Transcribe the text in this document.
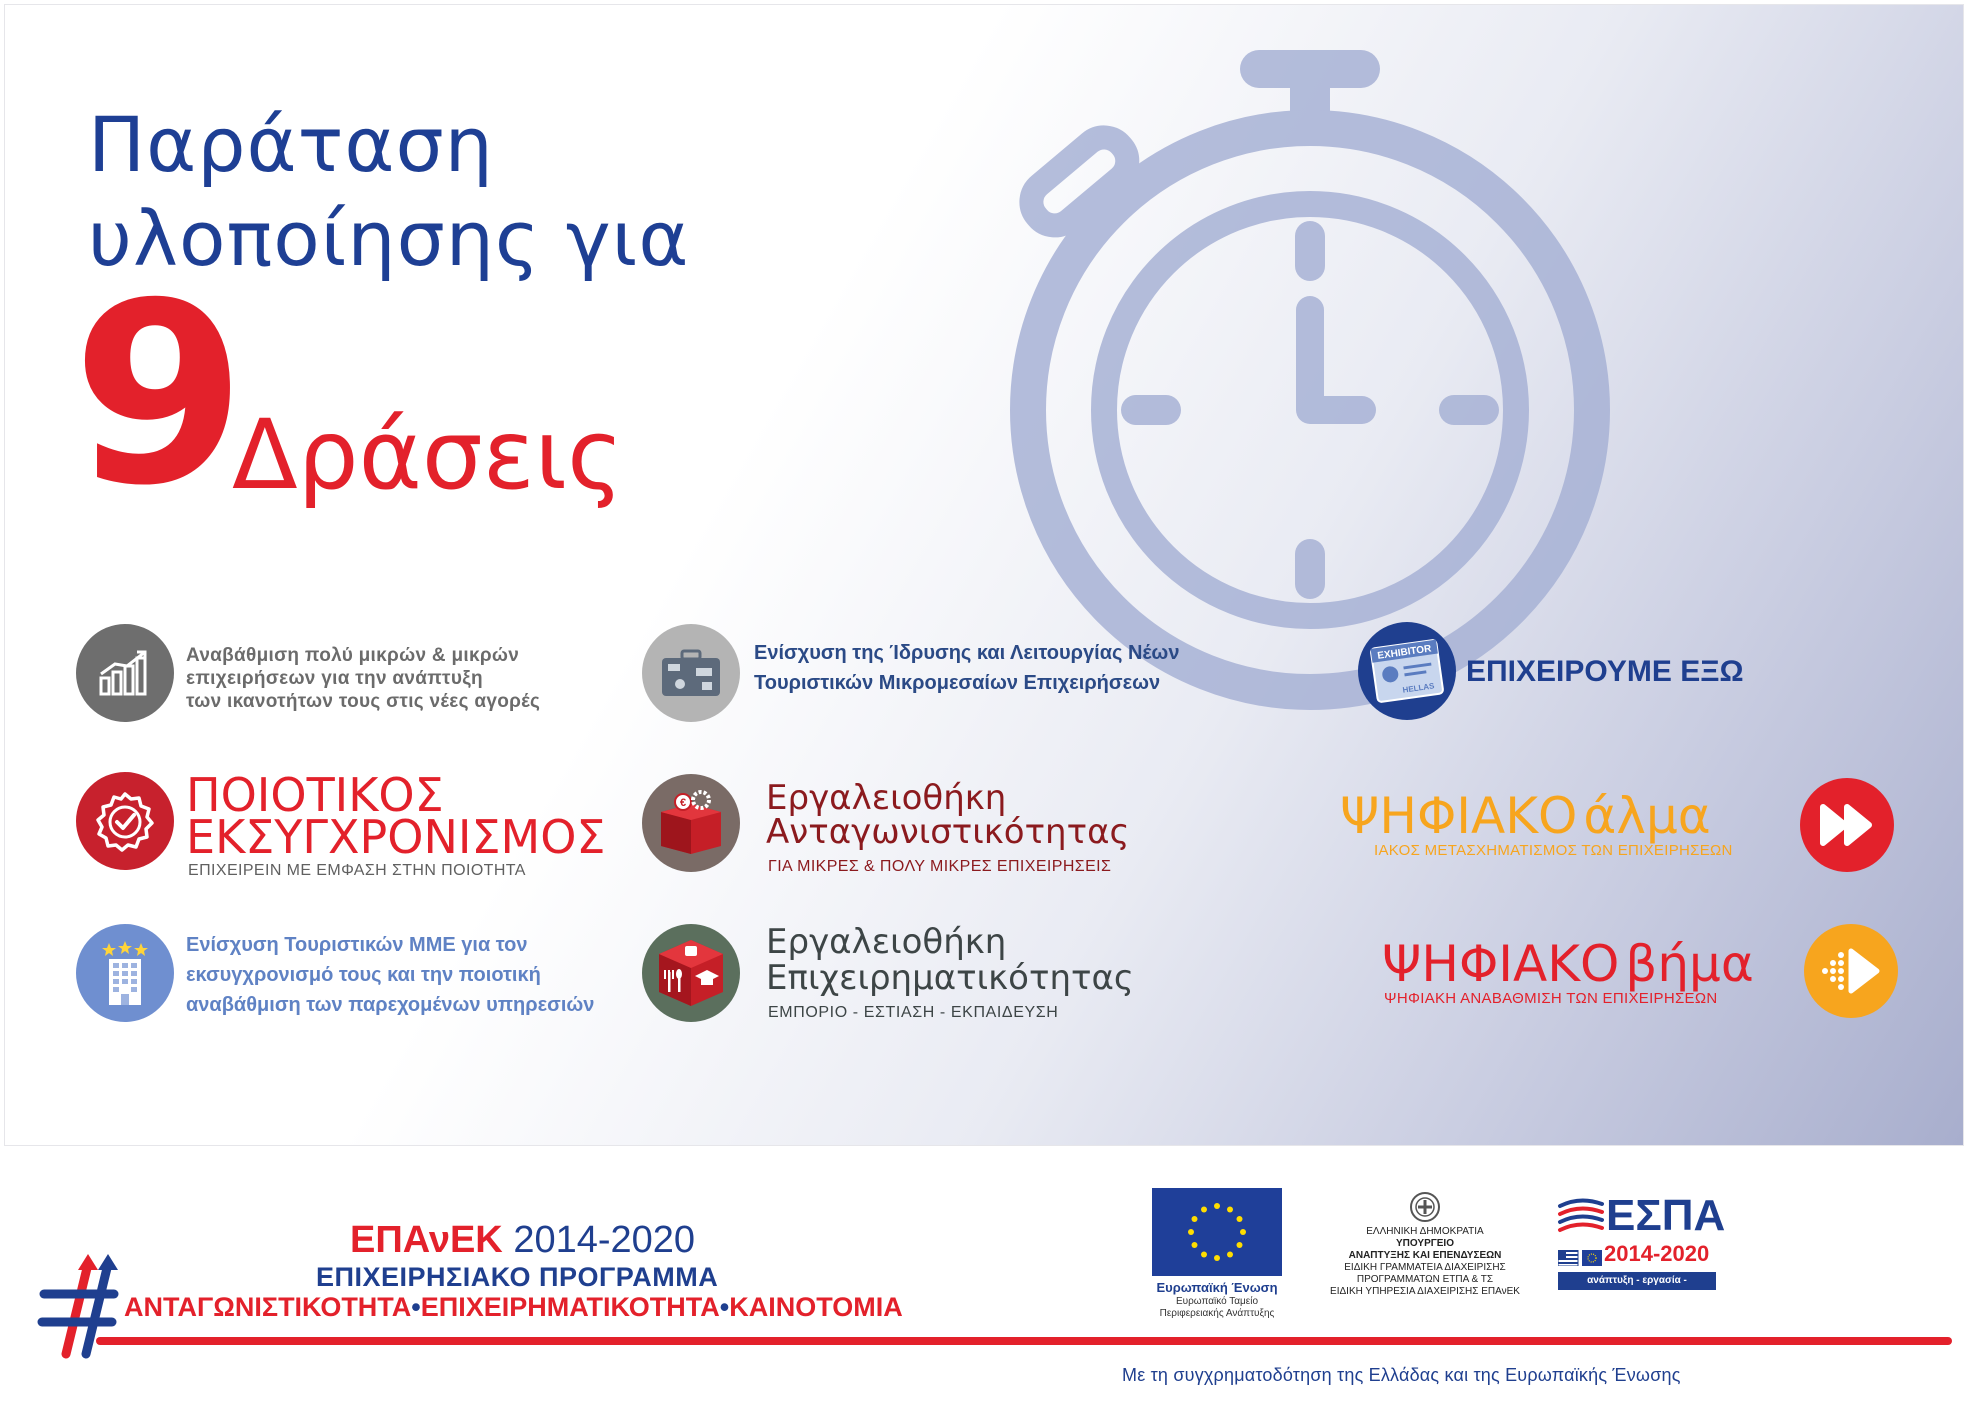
Παράταση
υλοποίησης για
9
Δράσεις
Αναβάθμιση πολύ μικρών & μικρών
επιχειρήσεων για την ανάπτυξη
των ικανοτήτων τους στις νέες αγορές
Ενίσχυση της Ίδρυσης και Λειτουργίας Νέων
Τουριστικών Μικρομεσαίων Επιχειρήσεων
EXHIBITOR
HELLAS
ΕΠΙΧΕΙΡΟΥΜΕ ΕΞΩ
ΠΟΙΟΤΙΚΟΣ
ΕΚΣΥΓΧΡΟΝΙΣΜΟΣ
ΕΠΙΧΕΙΡΕΙΝ ΜΕ ΕΜΦΑΣΗ ΣΤΗΝ ΠΟΙΟΤΗΤΑ
€ Εργαλειοθήκη
Ανταγωνιστικότητας
ΓΙΑ ΜΙΚΡΕΣ & ΠΟΛΥ ΜΙΚΡΕΣ ΕΠΙΧΕΙΡΗΣΕΙΣ
ΨΗΦΙΑΚΟ άλμα
ΙΑΚΟΣ ΜΕΤΑΣΧΗΜΑΤΙΣΜΟΣ ΤΩΝ ΕΠΙΧΕΙΡΗΣΕΩΝ
Ενίσχυση Τουριστικών ΜΜΕ για τον
εκσυγχρονισμό τους και την ποιοτική
αναβάθμιση των παρεχομένων υπηρεσιών
Εργαλειοθήκη
Επιχειρηματικότητας
ΕΜΠΟΡΙΟ - ΕΣΤΙΑΣΗ - ΕΚΠΑΙΔΕΥΣΗ
ΨΗΦΙΑΚΟ βήμα
ΨΗΦΙΑΚΗ ΑΝΑΒΑΘΜΙΣΗ ΤΩΝ ΕΠΙΧΕΙΡΗΣΕΩΝ
ΕΠΑνΕΚ 2014-2020
ΕΠΙΧΕΙΡΗΣΙΑΚΟ ΠΡΟΓΡΑΜΜΑ
ΑΝΤΑΓΩΝΙΣΤΙΚΟΤΗΤΑ•ΕΠΙΧΕΙΡΗΜΑΤΙΚΟΤΗΤΑ•ΚΑΙΝΟΤΟΜΙΑ
Ευρωπαϊκή Ένωση
Ευρωπαϊκό Ταμείο
Περιφερειακής Ανάπτυξης
ΕΛΛΗΝΙΚΗ ΔΗΜΟΚΡΑΤΙΑ
ΥΠΟΥΡΓΕΙΟ
ΑΝΑΠΤΥΞΗΣ ΚΑΙ ΕΠΕΝΔΥΣΕΩΝ
ΕΙΔΙΚΗ ΓΡΑΜΜΑΤΕΙΑ ΔΙΑΧΕΙΡΙΣΗΣ
ΠΡΟΓΡΑΜΜΑΤΩΝ ΕΤΠΑ & ΤΣ
ΕΙΔΙΚΗ ΥΠΗΡΕΣΙΑ ΔΙΑΧΕΙΡΙΣΗΣ ΕΠΑνΕΚ
ΕΣΠΑ
2014-2020
ανάπτυξη - εργασία - αλληλεγγύη
Με τη συγχρηματοδότηση της Ελλάδας και της Ευρωπαϊκής Ένωσης
